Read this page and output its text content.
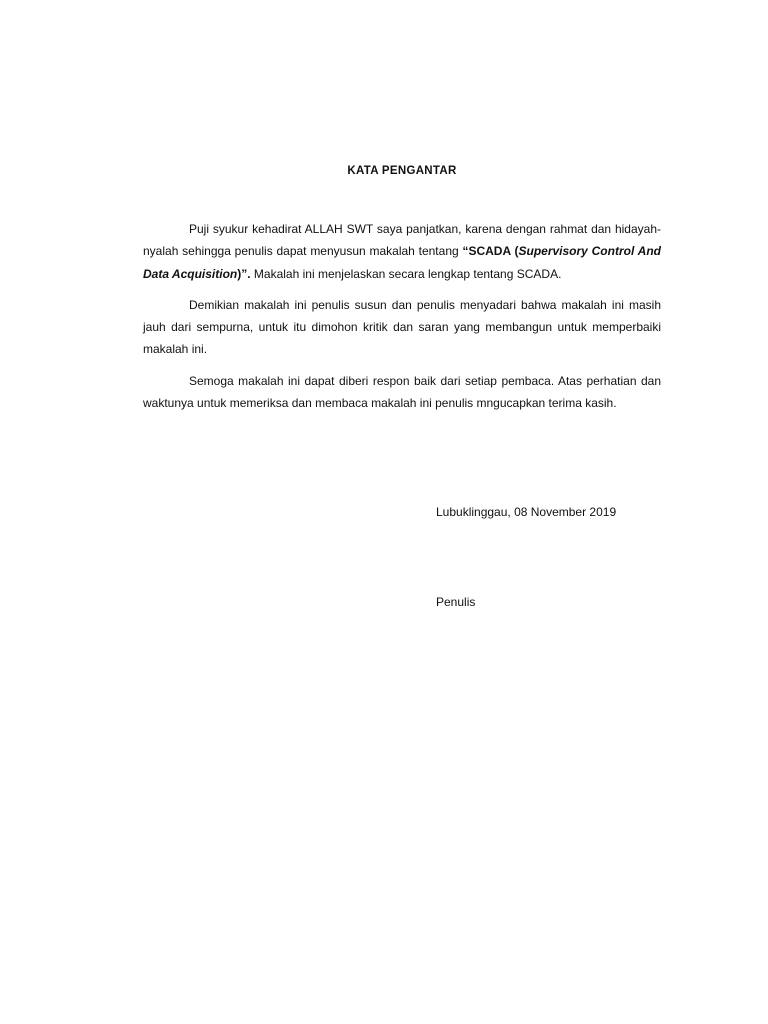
KATA PENGANTAR

Puji syukur kehadirat ALLAH SWT saya panjatkan, karena dengan rahmat dan hidayah-nyalah sehingga penulis dapat menyusun makalah tentang “SCADA (Supervisory Control And Data Acquisition)”. Makalah ini menjelaskan secara lengkap tentang SCADA.

Demikian makalah ini penulis susun dan penulis menyadari bahwa makalah ini masih jauh dari sempurna, untuk itu dimohon kritik dan saran yang membangun untuk memperbaiki makalah ini.

Semoga makalah ini dapat diberi respon baik dari setiap pembaca. Atas perhatian dan waktunya untuk memeriksa dan membaca makalah ini penulis mngucapkan terima kasih.

Lubuklinggau, 08 November 2019
Penulis
